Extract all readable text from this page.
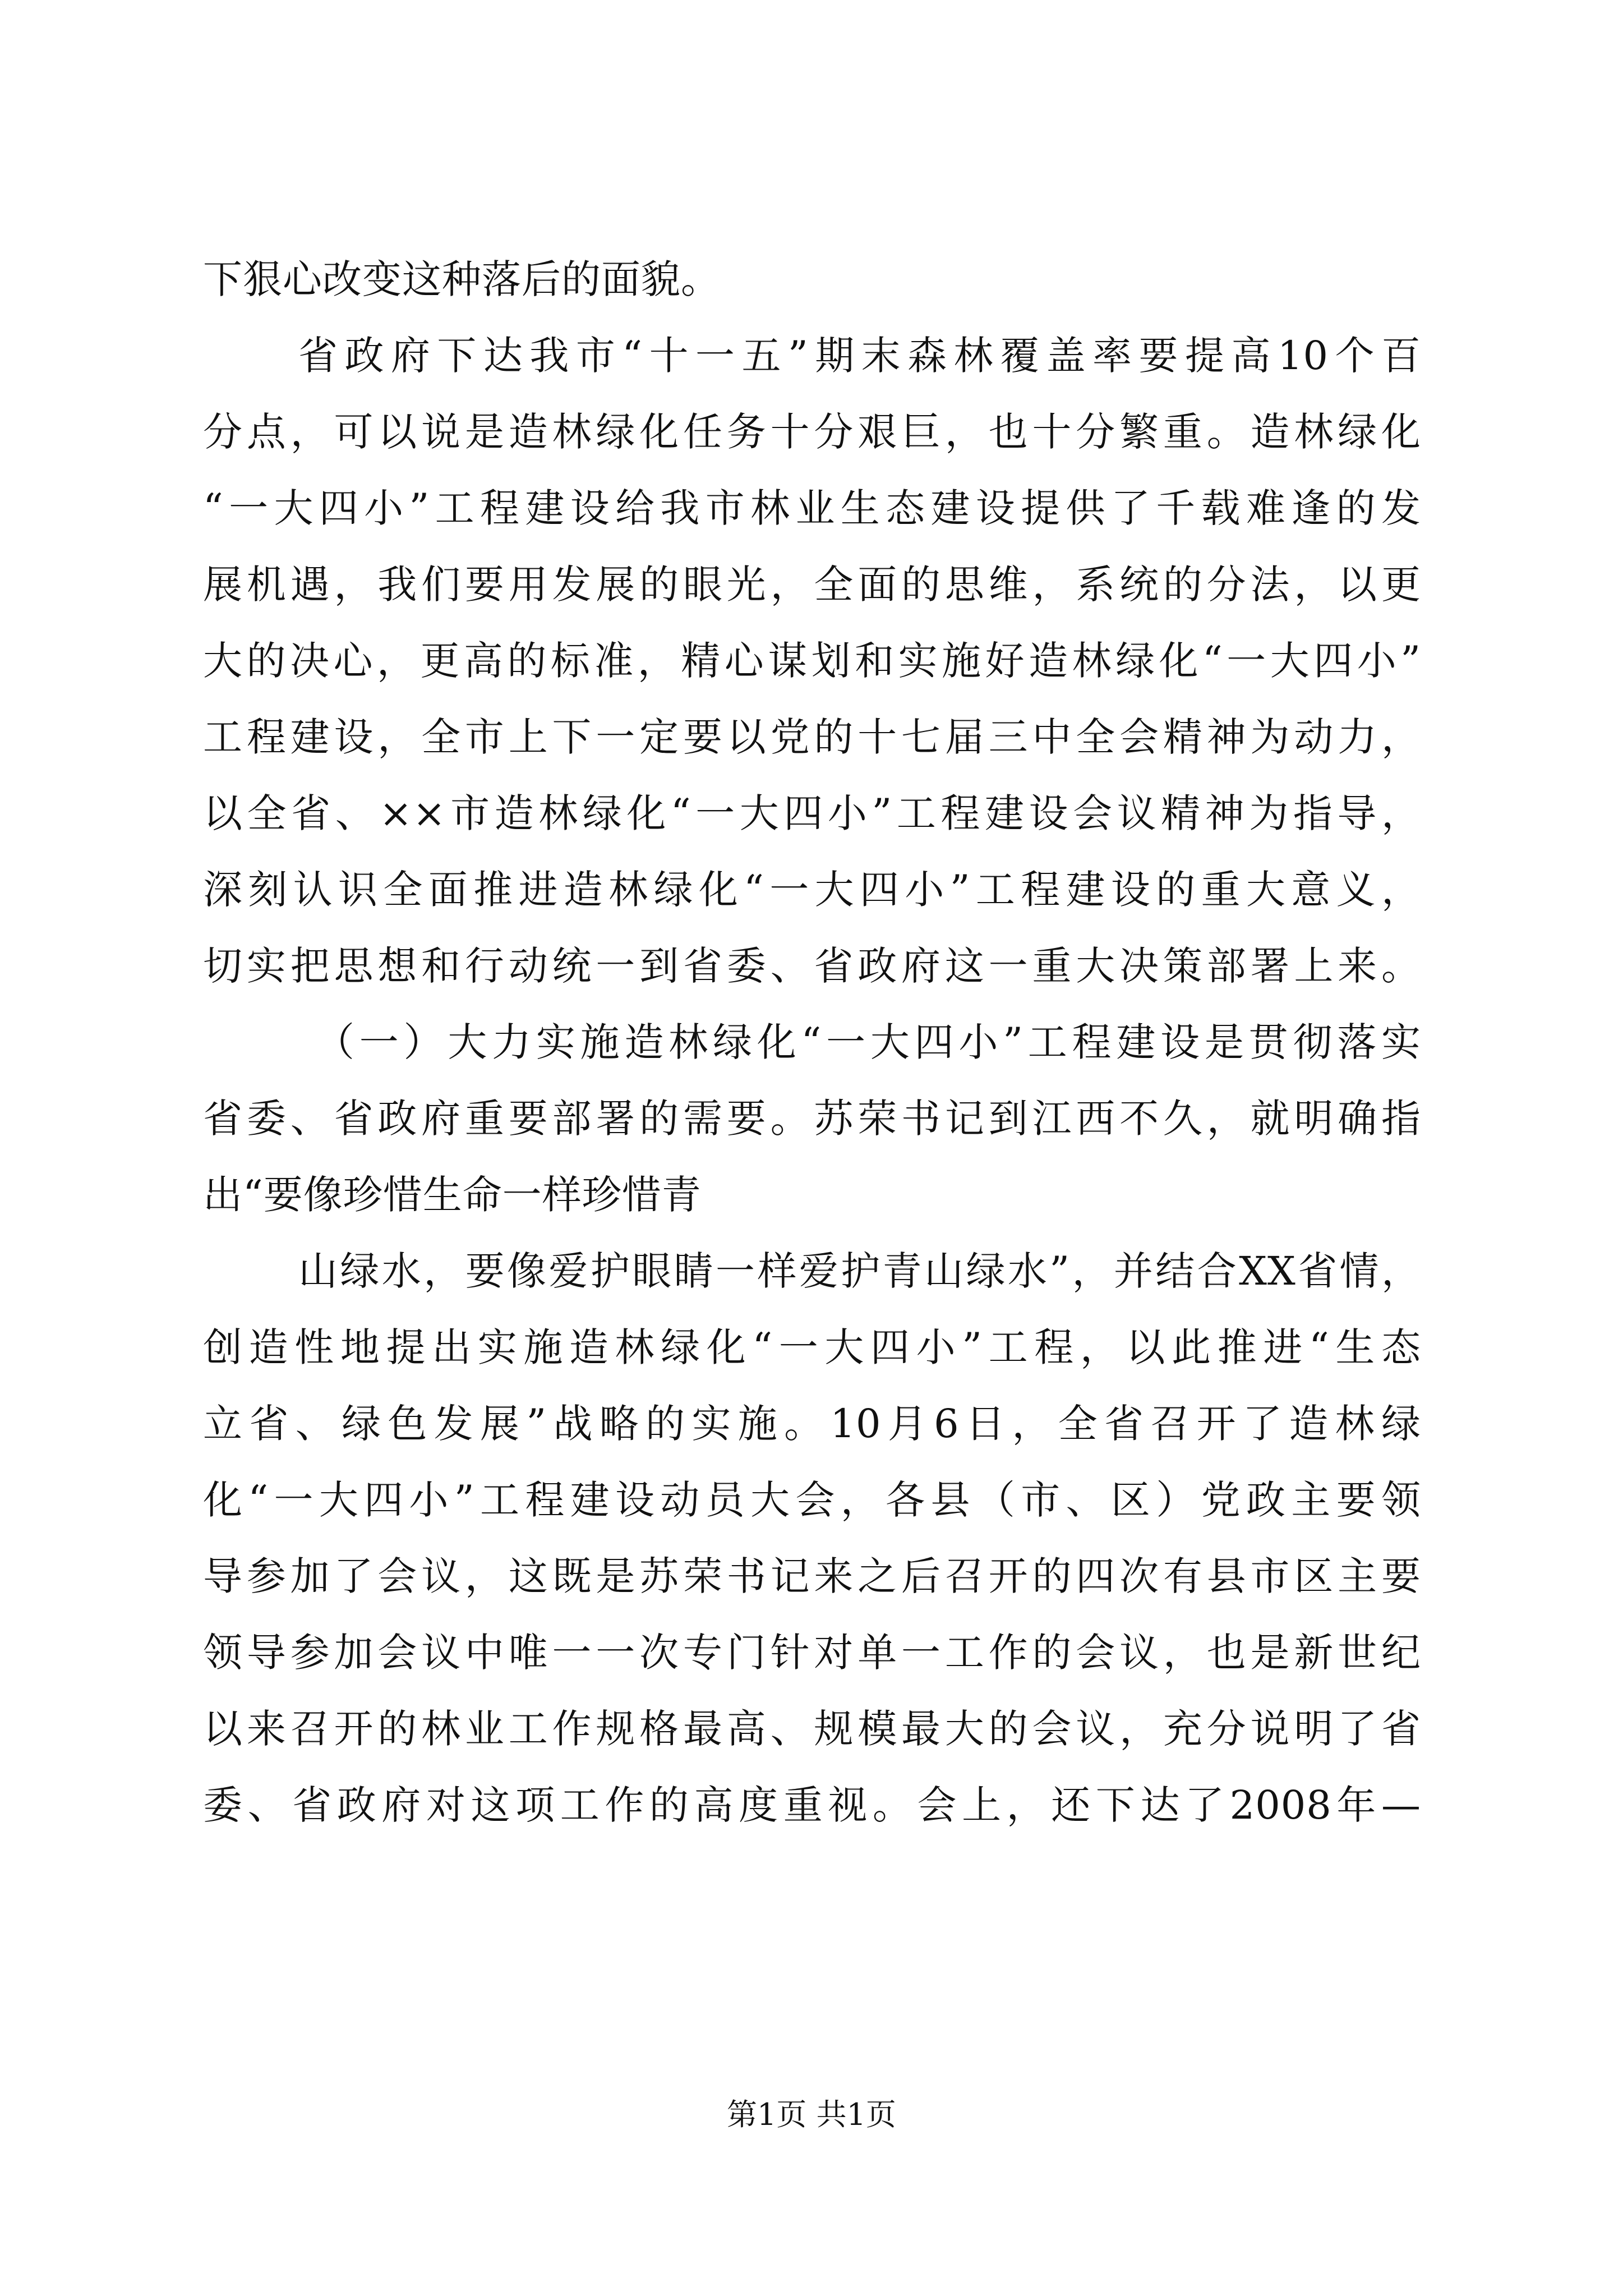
下狠心改变这种落后的面貌。
省政府下达我市“十一五”期末森林覆盖率要提高10个百
分点，可以说是造林绿化任务十分艰巨，也十分繁重。造林绿化
“一大四小”工程建设给我市林业生态建设提供了千载难逢的发
展机遇，我们要用发展的眼光，全面的思维，系统的分法，以更
大的决心，更高的标准，精心谋划和实施好造林绿化“一大四小”
工程建设，全市上下一定要以党的十七届三中全会精神为动力，
以全省、××市造林绿化“一大四小”工程建设会议精神为指导，
深刻认识全面推进造林绿化“一大四小”工程建设的重大意义，
切实把思想和行动统一到省委、省政府这一重大决策部署上来。
（一）大力实施造林绿化“一大四小”工程建设是贯彻落实
省委、省政府重要部署的需要。苏荣书记到江西不久，就明确指
出“要像珍惜生命一样珍惜青
山绿水，要像爱护眼睛一样爱护青山绿水”，并结合XX省情，
创造性地提出实施造林绿化“一大四小”工程，以此推进“生态
立省、绿色发展”战略的实施。10月6日，全省召开了造林绿
化“一大四小”工程建设动员大会，各县（市、区）党政主要领
导参加了会议，这既是苏荣书记来之后召开的四次有县市区主要
领导参加会议中唯一一次专门针对单一工作的会议，也是新世纪
以来召开的林业工作规格最高、规模最大的会议，充分说明了省
委、省政府对这项工作的高度重视。会上，还下达了2008年—
第1页 共1页
